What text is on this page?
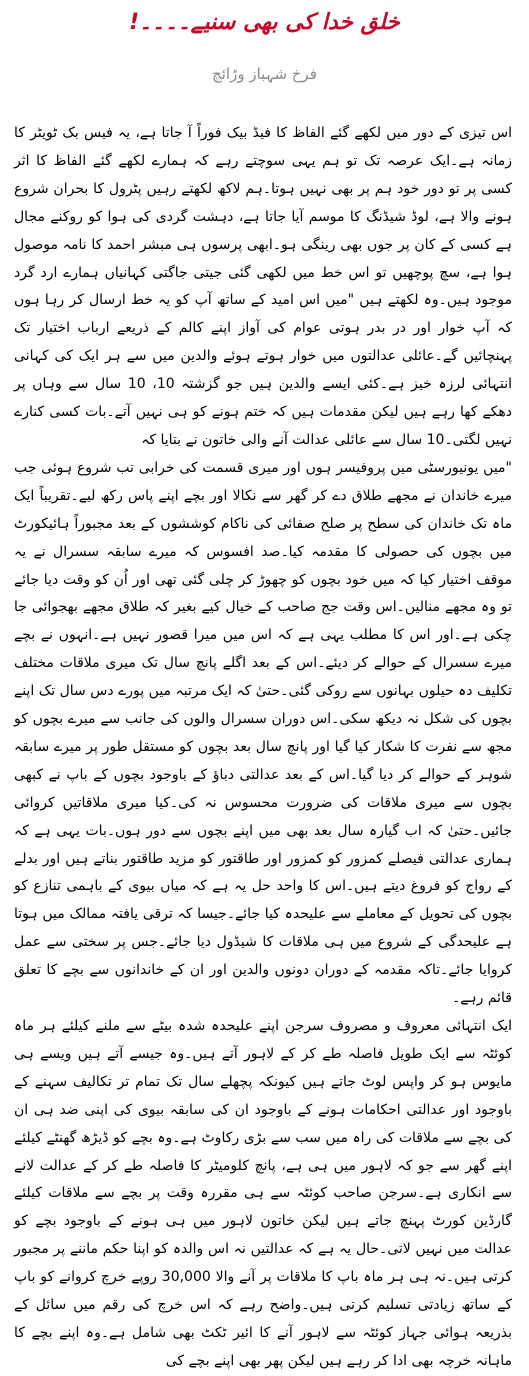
خلق خدا کی بھی سنیے۔۔۔۔!
فرخ شہباز وڑائچ

اس تیزی کے دور میں لکھے گئے الفاظ کا فیڈ بیک فوراً آ جاتا ہے، یہ فیس بک ٹویٹر کا زمانہ ہے۔ایک عرصہ تک تو ہم یہی سوچتے رہے کہ ہمارے لکھے گئے الفاظ کا اثر کسی پر تو دور خود ہم پر بھی نہیں ہوتا۔ہم لاکھ لکھتے رہیں پٹرول کا بحران شروع ہونے والا ہے، لوڈ شیڈنگ کا موسم آیا جاتا ہے، دہشت گردی کی ہوا کو روکنے مجال ہے کسی کے کان پر جوں بھی رینگی ہو۔ابھی پرسوں ہی مبشر احمد کا نامہ موصول ہوا ہے، سچ پوچھیں تو اس خط میں لکھی گئی جیتی جاگتی کہانیاں ہمارے ارد گرد موجود ہیں۔وہ لکھتے ہیں "میں اس امید کے ساتھ آپ کو یہ خط ارسال کر رہا ہوں کہ آپ خوار اور در بدر ہوتی عوام کی آواز اپنے کالم کے ذریعے ارباب اختیار تک پہنچائیں گے۔عائلی عدالتوں میں خوار ہوتے ہوئے والدین میں سے ہر ایک کی کہانی انتہائی لرزہ خیز ہے۔کئی ایسے والدین ہیں جو گزشتہ 10، 10 سال سے وہاں پر دھکے کھا رہے ہیں لیکن مقدمات ہیں کہ ختم ہونے کو ہی نہیں آتے۔بات کسی کنارے نہیں لگتی۔10 سال سے عائلی عدالت آنے والی خاتون نے بتایا کہ

"میں یونیورسٹی میں پروفیسر ہوں اور میری قسمت کی خرابی تب شروع ہوئی جب میرے خاندان نے مجھے طلاق دے کر گھر سے نکالا اور بچے اپنے پاس رکھ لیے۔تقریباً ایک ماہ تک خاندان کی سطح پر صلح صفائی کی ناکام کوششوں کے بعد مجبوراً ہائیکورٹ میں بچوں کی حصولی کا مقدمہ کیا۔صد افسوس کہ میرے سابقہ سسرال نے یہ موقف اختیار کیا کہ میں خود بچوں کو چھوڑ کر چلی گئی تھی اور اُن کو وقت دیا جائے تو وہ مجھے منالیں۔اس وقت جج صاحب کے خیال کیے بغیر کہ طلاق مجھے بھجوائی جا چکی ہے۔اور اس کا مطلب یہی ہے کہ اس میں میرا قصور نہیں ہے۔انہوں نے بچے میرے سسرال کے حوالے کر دیئے۔اس کے بعد اگلے پانچ سال تک میری ملاقات مختلف تکلیف دہ حیلوں بہانوں سے روکی گئی۔حتیٰ کہ ایک مرتبہ میں پورے دس سال تک اپنے بچوں کی شکل نہ دیکھ سکی۔اس دوران سسرال والوں کی جانب سے میرے بچوں کو مجھ سے نفرت کا شکار کیا گیا اور پانچ سال بعد بچوں کو مستقل طور پر میرے سابقہ شوہر کے حوالے کر دیا گیا۔اس کے بعد عدالتی دباؤ کے باوجود بچوں کے باپ نے کبھی بچوں سے میری ملاقات کی ضرورت محسوس نہ کی۔کیا میری ملاقاتیں کروائی جائیں۔حتیٰ کہ اب گیارہ سال بعد بھی میں اپنے بچوں سے دور ہوں۔بات یہی ہے کہ ہماری عدالتی فیصلے کمزور کو کمزور اور طاقتور کو مزید طاقتور بناتے ہیں اور بدلے کے رواج کو فروغ دیتے ہیں۔اس کا واحد حل یہ ہے کہ میاں بیوی کے باہمی تنازع کو بچوں کی تحویل کے معاملے سے علیحدہ کیا جائے۔جیسا کہ ترقی یافتہ ممالک میں ہوتا ہے علیحدگی کے شروع میں ہی ملاقات کا شیڈول دیا جائے۔جس پر سختی سے عمل کروایا جائے۔تاکہ مقدمہ کے دوران دونوں والدین اور ان کے خاندانوں سے بچے کا تعلق قائم رہے۔

ایک انتہائی معروف و مصروف سرجن اپنے علیحدہ شدہ بیٹے سے ملنے کیلئے ہر ماہ کوئٹہ سے ایک طویل فاصلہ طے کر کے لاہور آتے ہیں۔وہ جیسے آتے ہیں ویسے ہی مایوس ہو کر واپس لوٹ جاتے ہیں کیونکہ پچھلے سال تک تمام تر تکالیف سہنے کے باوجود اور عدالتی احکامات ہونے کے باوجود ان کی سابقہ بیوی کی اپنی ضد ہی ان کی بچے سے ملاقات کی راہ میں سب سے بڑی رکاوٹ ہے۔وہ بچے کو ڈیڑھ گھنٹے کیلئے اپنے گھر سے جو کہ لاہور میں ہی ہے، پانچ کلومیٹر کا فاصلہ طے کر کے عدالت لانے سے انکاری ہے۔سرجن صاحب کوئٹہ سے ہی مقررہ وقت پر بچے سے ملاقات کیلئے گارڈین کورٹ پہنچ جاتے ہیں لیکن خاتون لاہور میں ہی ہونے کے باوجود بچے کو عدالت میں نہیں لاتی۔حال یہ ہے کہ عدالتیں نہ اس والدہ کو اپنا حکم ماننے پر مجبور کرتی ہیں۔نہ ہی ہر ماہ باپ کا ملاقات پر آنے والا 30,000 روپے خرچ کروانے کو باپ کے ساتھ زیادتی تسلیم کرتی ہیں۔واضح رہے کہ اس خرچ کی رقم میں سائل کے بذریعہ ہوائی جہاز کوئٹہ سے لاہور آنے کا ائیر ٹکٹ بھی شامل ہے۔وہ اپنے بچے کا ماہانہ خرچہ بھی ادا کر رہے ہیں لیکن پھر بھی اپنے بچے کی
